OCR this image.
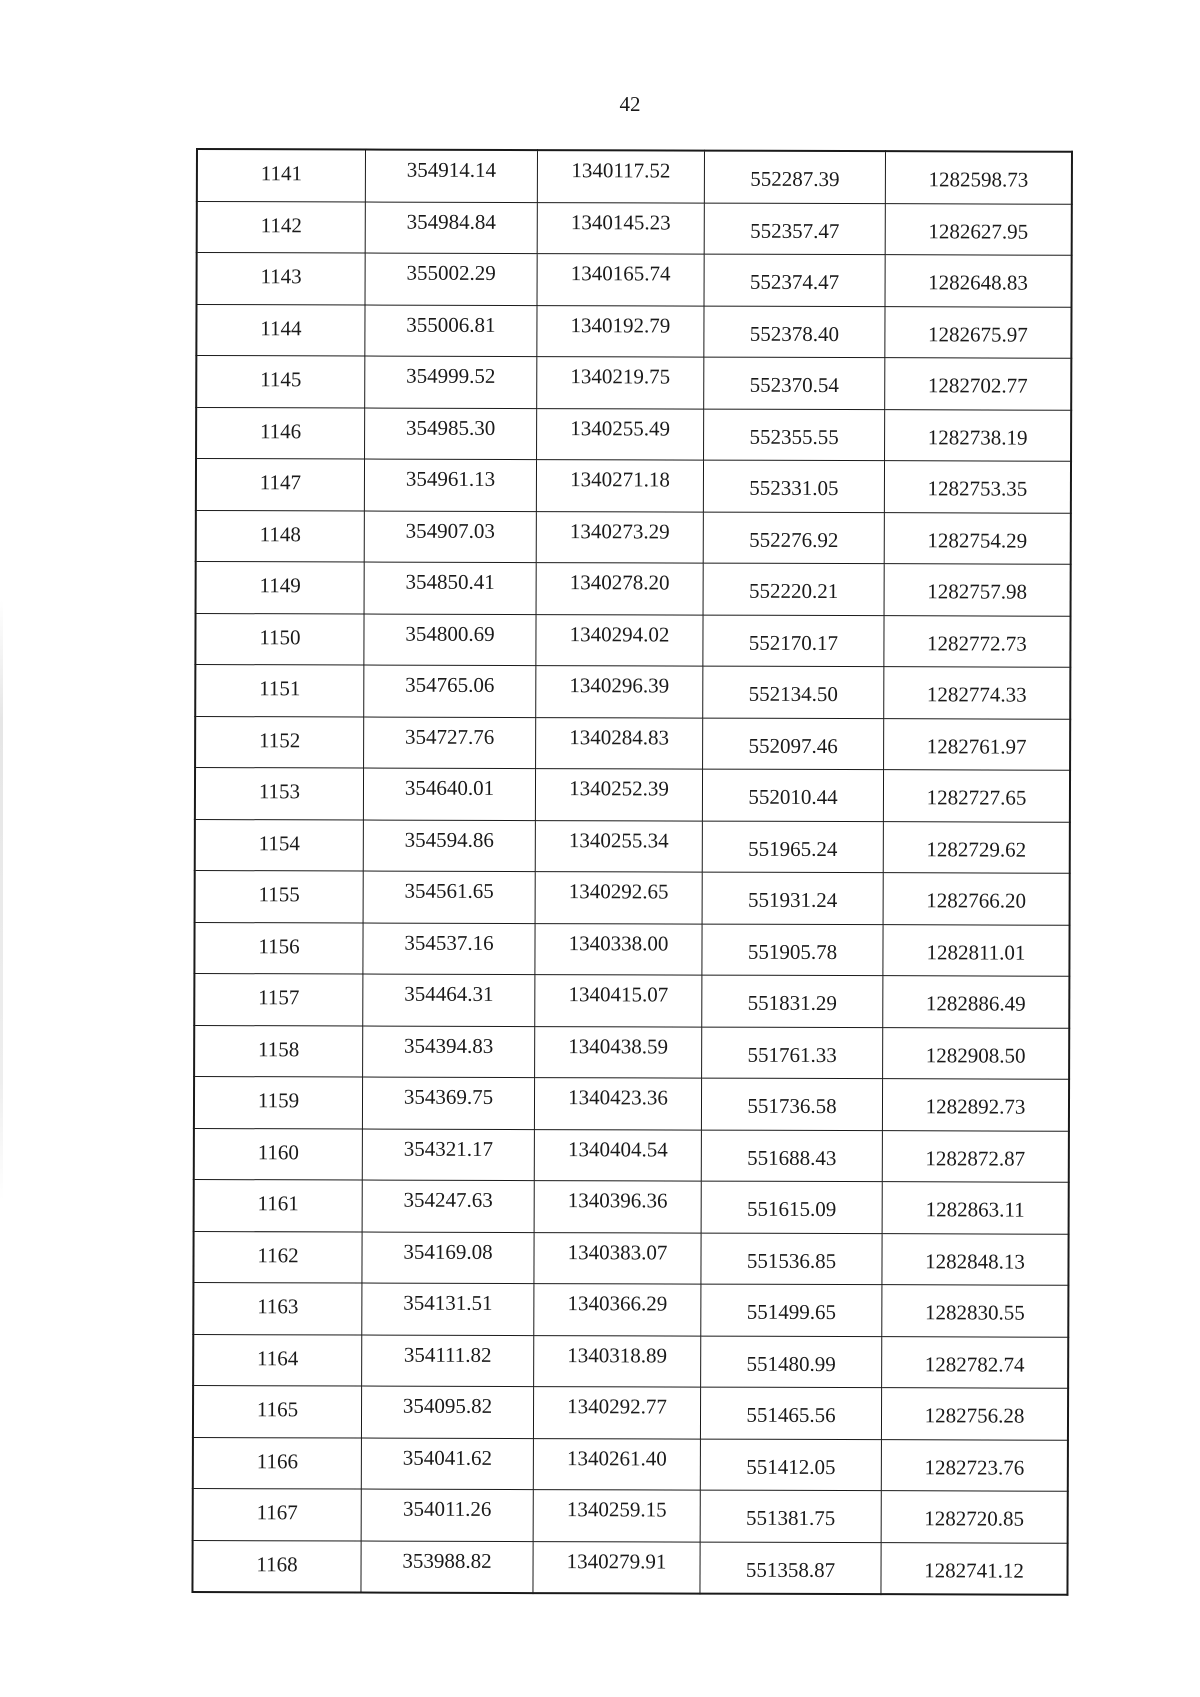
42
1141	354914.14	1340117.52	552287.39	1282598.73
1142	354984.84	1340145.23	552357.47	1282627.95
1143	355002.29	1340165.74	552374.47	1282648.83
1144	355006.81	1340192.79	552378.40	1282675.97
1145	354999.52	1340219.75	552370.54	1282702.77
1146	354985.30	1340255.49	552355.55	1282738.19
1147	354961.13	1340271.18	552331.05	1282753.35
1148	354907.03	1340273.29	552276.92	1282754.29
1149	354850.41	1340278.20	552220.21	1282757.98
1150	354800.69	1340294.02	552170.17	1282772.73
1151	354765.06	1340296.39	552134.50	1282774.33
1152	354727.76	1340284.83	552097.46	1282761.97
1153	354640.01	1340252.39	552010.44	1282727.65
1154	354594.86	1340255.34	551965.24	1282729.62
1155	354561.65	1340292.65	551931.24	1282766.20
1156	354537.16	1340338.00	551905.78	1282811.01
1157	354464.31	1340415.07	551831.29	1282886.49
1158	354394.83	1340438.59	551761.33	1282908.50
1159	354369.75	1340423.36	551736.58	1282892.73
1160	354321.17	1340404.54	551688.43	1282872.87
1161	354247.63	1340396.36	551615.09	1282863.11
1162	354169.08	1340383.07	551536.85	1282848.13
1163	354131.51	1340366.29	551499.65	1282830.55
1164	354111.82	1340318.89	551480.99	1282782.74
1165	354095.82	1340292.77	551465.56	1282756.28
1166	354041.62	1340261.40	551412.05	1282723.76
1167	354011.26	1340259.15	551381.75	1282720.85
1168	353988.82	1340279.91	551358.87	1282741.12
